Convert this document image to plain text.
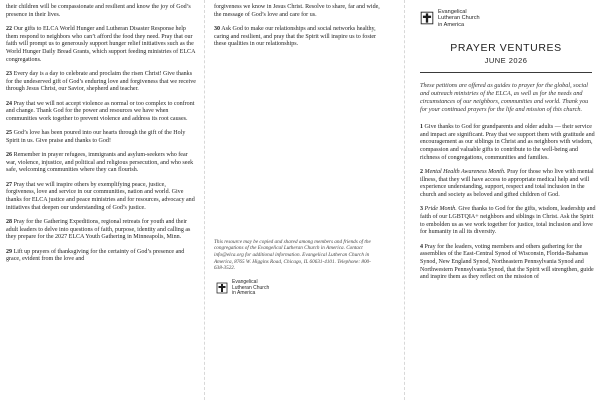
their children will be compassionate and resilient and know the joy of God’s presence in their lives.

22 Our gifts to ELCA World Hunger and Lutheran Disaster Response help them respond to neighbors who can’t afford the food they need. Pray that our faith will prompt us to generously support hunger relief initiatives such as the World Hunger Daily Bread Grants, which support feeding ministries of ELCA congregations.

23 Every day is a day to celebrate and proclaim the risen Christ! Give thanks for the undeserved gift of God’s enduring love and forgiveness that we receive through Jesus Christ, our Savior, shepherd and teacher.

24 Pray that we will not accept violence as normal or too complex to confront and change. Thank God for the power and resources we have when communities work together to prevent violence and address its root causes.

25 God’s love has been poured into our hearts through the gift of the Holy Spirit in us. Give praise and thanks to God!

26 Remember in prayer refugees, immigrants and asylum-seekers who fear war, violence, injustice, and political and religious persecution, and who seek safe, welcoming communities where they can flourish.

27 Pray that we will inspire others by exemplifying peace, justice, forgiveness, love and service in our communities, nation and world. Give thanks for ELCA justice and peace ministries and for resources, advocacy and initiatives that deepen our understanding of God’s justice.

28 Pray for the Gathering Expeditions, regional retreats for youth and their adult leaders to delve into questions of faith, purpose, identity and calling as they prepare for the 2027 ELCA Youth Gathering in Minneapolis, Minn.

29 Lift up prayers of thanksgiving for the certainty of God’s presence and grace, evident from the love and

forgiveness we know in Jesus Christ. Resolve to share, far and wide, the message of God’s love and care for us.

30 Ask God to make our relationships and social networks healthy, caring and resilient, and pray that the Spirit will inspire us to foster these qualities in our relationships.

This resource may be copied and shared among members and friends of the congregations of the Evangelical Lutheran Church in America. Contact info@elca.org for additional information. Evangelical Lutheran Church in America, 8765 W. Higgins Road, Chicago, IL 60631-4101. Telephone: 800-638-3522.

Evangelical
Lutheran Church
in America
Evangelical
Lutheran Church
in America
PRAYER VENTURES
JUNE 2026

These petitions are offered as guides to prayer for the global, social and outreach ministries of the ELCA, as well as for the needs and circumstances of our neighbors, communities and world. Thank you for your continued prayers for the life and mission of this church.

1 Give thanks to God for grandparents and older adults — their service and impact are significant. Pray that we support them with gratitude and encouragement as our siblings in Christ and as neighbors with wisdom, compassion and valuable gifts to contribute to the well-being and richness of congregations, communities and families.

2 Mental Health Awareness Month. Pray for those who live with mental illness, that they will have access to appropriate medical help and will experience understanding, support, respect and total inclusion in the church and society as beloved and gifted children of God.

3 Pride Month. Give thanks to God for the gifts, wisdom, leadership and faith of our LGBTQIA+ neighbors and siblings in Christ. Ask the Spirit to embolden us as we work together for justice, total inclusion and love for humanity in all its diversity.

4 Pray for the leaders, voting members and others gathering for the assemblies of the East-Central Synod of Wisconsin, Florida-Bahamas Synod, New England Synod, Northeastern Pennsylvania Synod and Northwestern Pennsylvania Synod, that the Spirit will strengthen, guide and inspire them as they reflect on the mission of
